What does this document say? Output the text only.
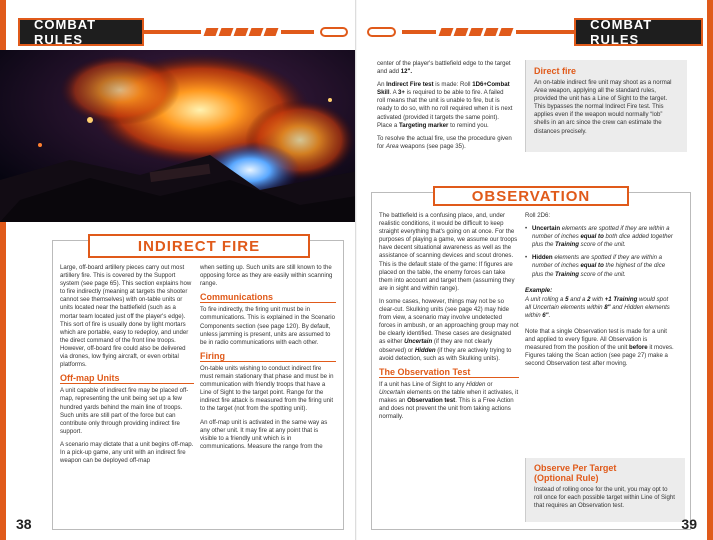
COMBAT RULES
INDIRECT FIRE

Large, off-board artillery pieces carry out most artillery fire. This is covered by the Support system (see page 65). This section explains how to fire indirectly (meaning at targets the shooter cannot see themselves) with on-table units or units located near the battlefield (such as a mortar team located just off the player's edge). This sort of fire is usually done by light mortars which are portable, easy to redeploy, and under the direct command of the front line troops. However, off-board fire could also be delivered via drones, low flying aircraft, or even orbital platforms.

Off-map Units

A unit capable of indirect fire may be placed off-map, representing the unit being set up a few hundred yards behind the main line of troops. Such units are still part of the force but can contribute only through providing indirect fire support.

A scenario may dictate that a unit begins off-map. In a pick-up game, any unit with an indirect fire weapon can be deployed off-map

when setting up. Such units are still known to the opposing force as they are easily within scanning range.

Communications

To fire indirectly, the firing unit must be in communications. This is explained in the Scenario Components section (see page 120). By default, unless jamming is present, units are assumed to be in radio communications with each other.

Firing

On-table units wishing to conduct indirect fire must remain stationary that phase and must be in communication with friendly troops that have a Line of Sight to the target point. Range for the indirect fire attack is measured from the firing unit to the target (not from the spotting unit).

An off-map unit is activated in the same way as any other unit. It may fire at any point that is visible to a friendly unit which is in communications. Measure the range from the

38
COMBAT RULES

center of the player's battlefield edge to the target and add 12".

An Indirect Fire test is made: Roll 1D6+Combat Skill. A 3+ is required to be able to fire. A failed roll means that the unit is unable to fire, but is ready to do so, with no roll required when it is next activated (provided it targets the same point). Place a Targeting marker to remind you.

To resolve the actual fire, use the procedure given for Area weapons (see page 35).

Direct fire
An on-table indirect fire unit may shoot as a normal Area weapon, applying all the standard rules, provided the unit has a Line of Sight to the target. This bypasses the normal Indirect Fire test. This applies even if the weapon would normally “lob” shells in an arc since the crew can estimate the distances precisely.
OBSERVATION

The battlefield is a confusing place, and, under realistic conditions, it would be difficult to keep straight everything that's going on at once. For the purposes of playing a game, we assume our troops have decent situational awareness as well as the assistance of scanning devices and scout drones. This is the default state of the game: If figures are placed on the table, the enemy forces can take them into account and target them (assuming they are in sight and within range).

In some cases, however, things may not be so clear-cut. Skulking units (see page 42) may hide from view, a scenario may involve undetected forces in ambush, or an approaching group may not be clearly identified. These cases are designated as either Uncertain (if they are not clearly observed) or Hidden (if they are actively trying to avoid detection, such as with Skulking units).

The Observation Test

If a unit has Line of Sight to any Hidden or Uncertain elements on the table when it activates, it makes an Observation test. This is a Free Action and does not prevent the unit from taking actions normally.

Roll 2D6:

• Uncertain elements are spotted if they are within a number of inches equal to both dice added together plus the Training score of the unit.
• Hidden elements are spotted if they are within a number of inches equal to the highest of the dice plus the Training score of the unit.

Example:

A unit rolling a 5 and a 2 with +1 Training would spot all Uncertain elements within 8" and Hidden elements within 6".

Note that a single Observation test is made for a unit and applied to every figure. All Observation is measured from the position of the unit before it moves. Figures taking the Scan action (see page 27) make a second Observation test after moving.

Observe Per Target
(Optional Rule)
Instead of rolling once for the unit, you may opt to roll once for each possible target within Line of Sight that requires an Observation test.
39
